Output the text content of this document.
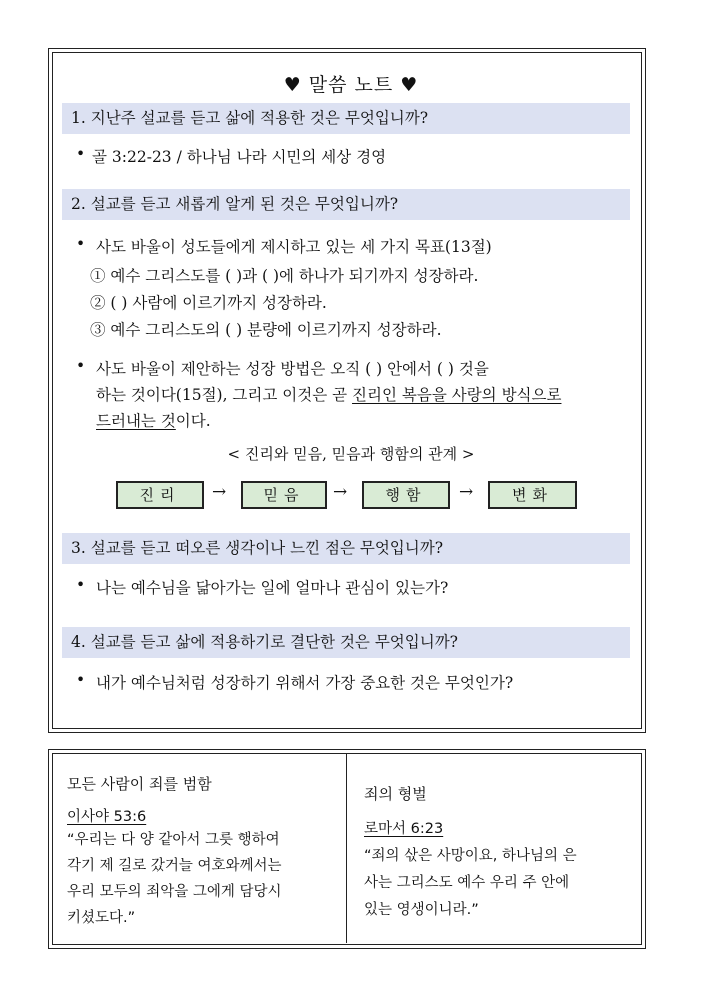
♥ 말씀 노트 ♥
1. 지난주 설교를 듣고 삶에 적용한 것은 무엇입니까?
• 골 3:22-23 / 하나님 나라 시민의 세상 경영
2. 설교를 듣고 새롭게 알게 된 것은 무엇입니까?
• 사도 바울이 성도들에게 제시하고 있는 세 가지 목표(13절)
① 예수 그리스도를 ( )과 ( )에 하나가 되기까지 성장하라.
② ( ) 사람에 이르기까지 성장하라.
③ 예수 그리스도의 ( ) 분량에 이르기까지 성장하라.
• 사도 바울이 제안하는 성장 방법은 오직 ( ) 안에서 ( ) 것을
하는 것이다(15절), 그리고 이것은 곧 진리인 복음을 사랑의 방식으로
드러내는 것이다.
< 진리와 믿음, 믿음과 행함의 관계 >
진리	→	믿음	→	행함	→	변화
3. 설교를 듣고 떠오른 생각이나 느낀 점은 무엇입니까?
• 나는 예수님을 닮아가는 일에 얼마나 관심이 있는가?
4. 설교를 듣고 삶에 적용하기로 결단한 것은 무엇입니까?
• 내가 예수님처럼 성장하기 위해서 가장 중요한 것은 무엇인가?
모든 사람이 죄를 범함
이사야 53:6
“우리는 다 양 같아서 그릇 행하여
각기 제 길로 갔거늘 여호와께서는
우리 모두의 죄악을 그에게 담당시
키셨도다.”
죄의 형벌
로마서 6:23
“죄의 삯은 사망이요, 하나님의 은
사는 그리스도 예수 우리 주 안에
있는 영생이니라.”
